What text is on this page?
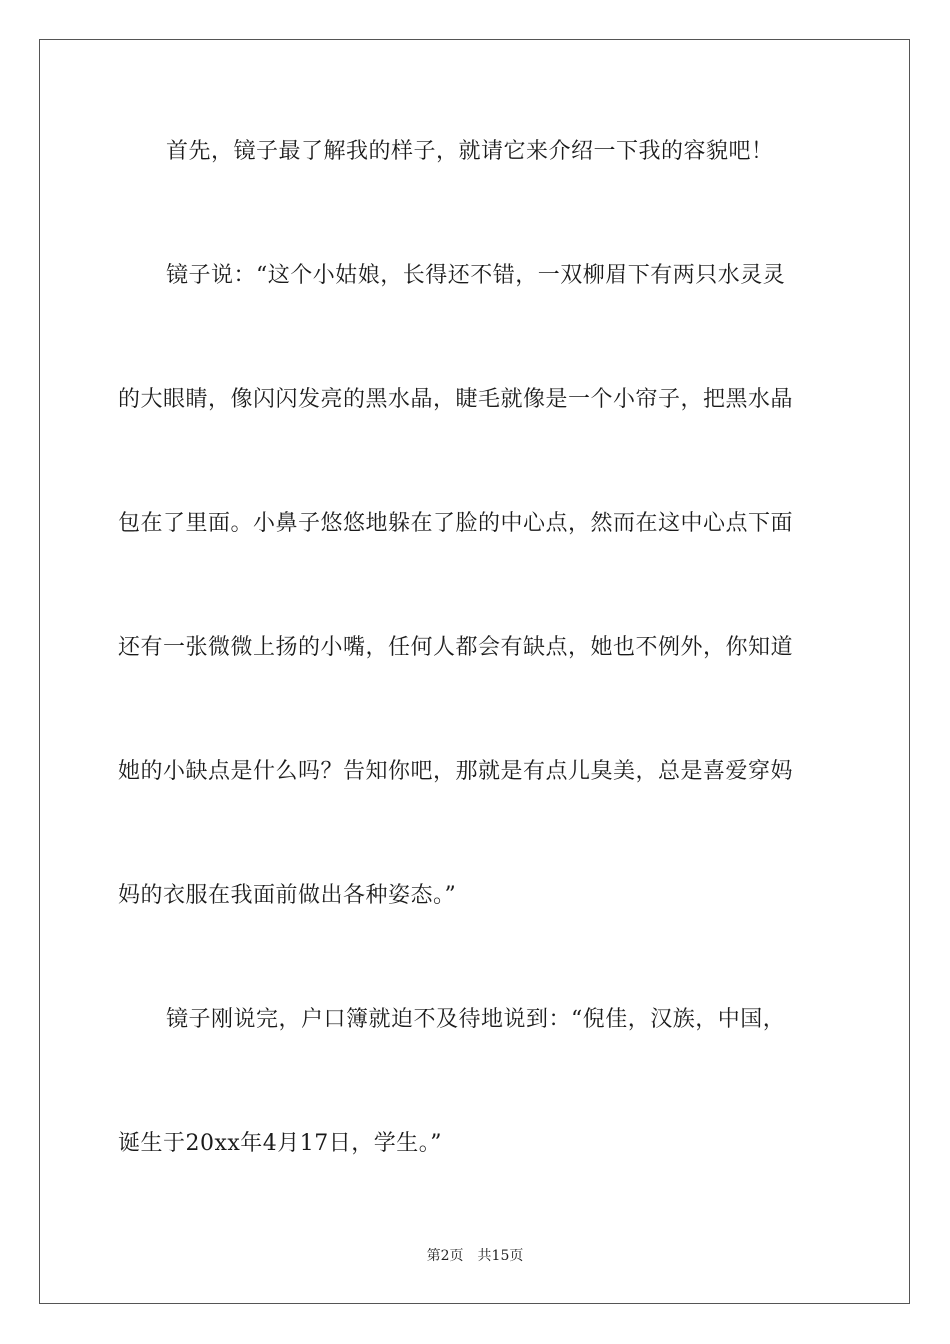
首先，镜子最了解我的样子，就请它来介绍一下我的容貌吧！
镜子说：“这个小姑娘，长得还不错，一双柳眉下有两只水灵灵
的大眼睛，像闪闪发亮的黑水晶，睫毛就像是一个小帘子，把黑水晶
包在了里面。小鼻子悠悠地躲在了脸的中心点，然而在这中心点下面
还有一张微微上扬的小嘴，任何人都会有缺点，她也不例外，你知道
她的小缺点是什么吗？告知你吧，那就是有点儿臭美，总是喜爱穿妈
妈的衣服在我面前做出各种姿态。”
镜子刚说完，户口簿就迫不及待地说到：“倪佳，汉族，中国，
诞生于20xx年4月17日，学生。”
第2页 共15页
